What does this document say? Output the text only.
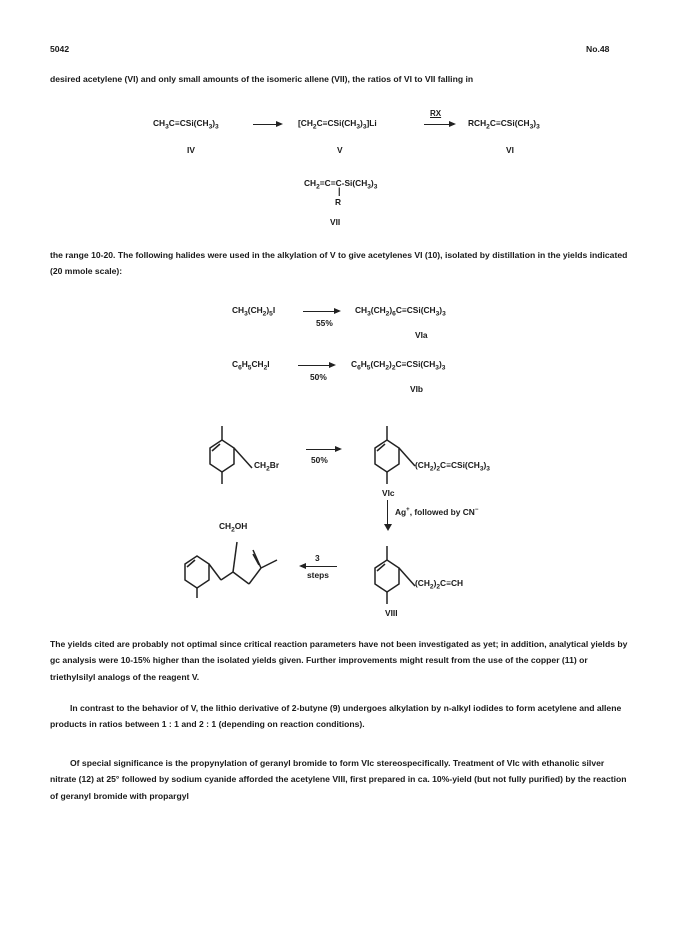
5042	No.48
desired acetylene (VI) and only small amounts of the isomeric allene (VII), the ratios of VI to VII falling in
$CH_3C\equiv CSi(CH_3)_3 \to [CH_2C\equiv CSi(CH_3)_3]Li$
RX
→ $RCH_2C\equiv CSi(CH_3)_3$
IV	V	VI
$CH_2=C=C-Si(CH_3)_3$
|
R
VII
the range 10-20. The following halides were used in the alkylation of V to give acetylenes VI (10), isolated by distillation in the yields indicated (20 mmole scale):
$CH_3(CH_2)_5I$
55%
$CH_3(CH_2)_6C\equiv CSi(CH_3)_3$
VIa
$C_6H_5CH_2I$
50%
$C_6H_5(CH_2)_2C\equiv CSi(CH_3)_3$
VIb
$CH_2Br$	50%	$(CH_2)_2C\equiv CSi(CH_3)_3$
VIc
Ag+, followed by CN−
$(CH_2)_2C\equiv CH$
VIII
3
steps
$CH_2OH$
The yields cited are probably not optimal since critical reaction parameters have not been investigated as yet; in addition, analytical yields by gc analysis were 10-15% higher than the isolated yields given. Further improvements might result from the use of the copper (11) or triethylsilyl analogs of the reagent V.
In contrast to the behavior of V, the lithio derivative of 2-butyne (9) undergoes alkylation by n-alkyl iodides to form acetylene and allene products in ratios between 1 : 1 and 2 : 1 (depending on reaction conditions).
Of special significance is the propynylation of geranyl bromide to form VIc stereospecifically. Treatment of VIc with ethanolic silver nitrate (12) at 25° followed by sodium cyanide afforded the acetylene VIII, first prepared in ca. 10%-yield (but not fully purified) by the reaction of geranyl bromide with propargyl
